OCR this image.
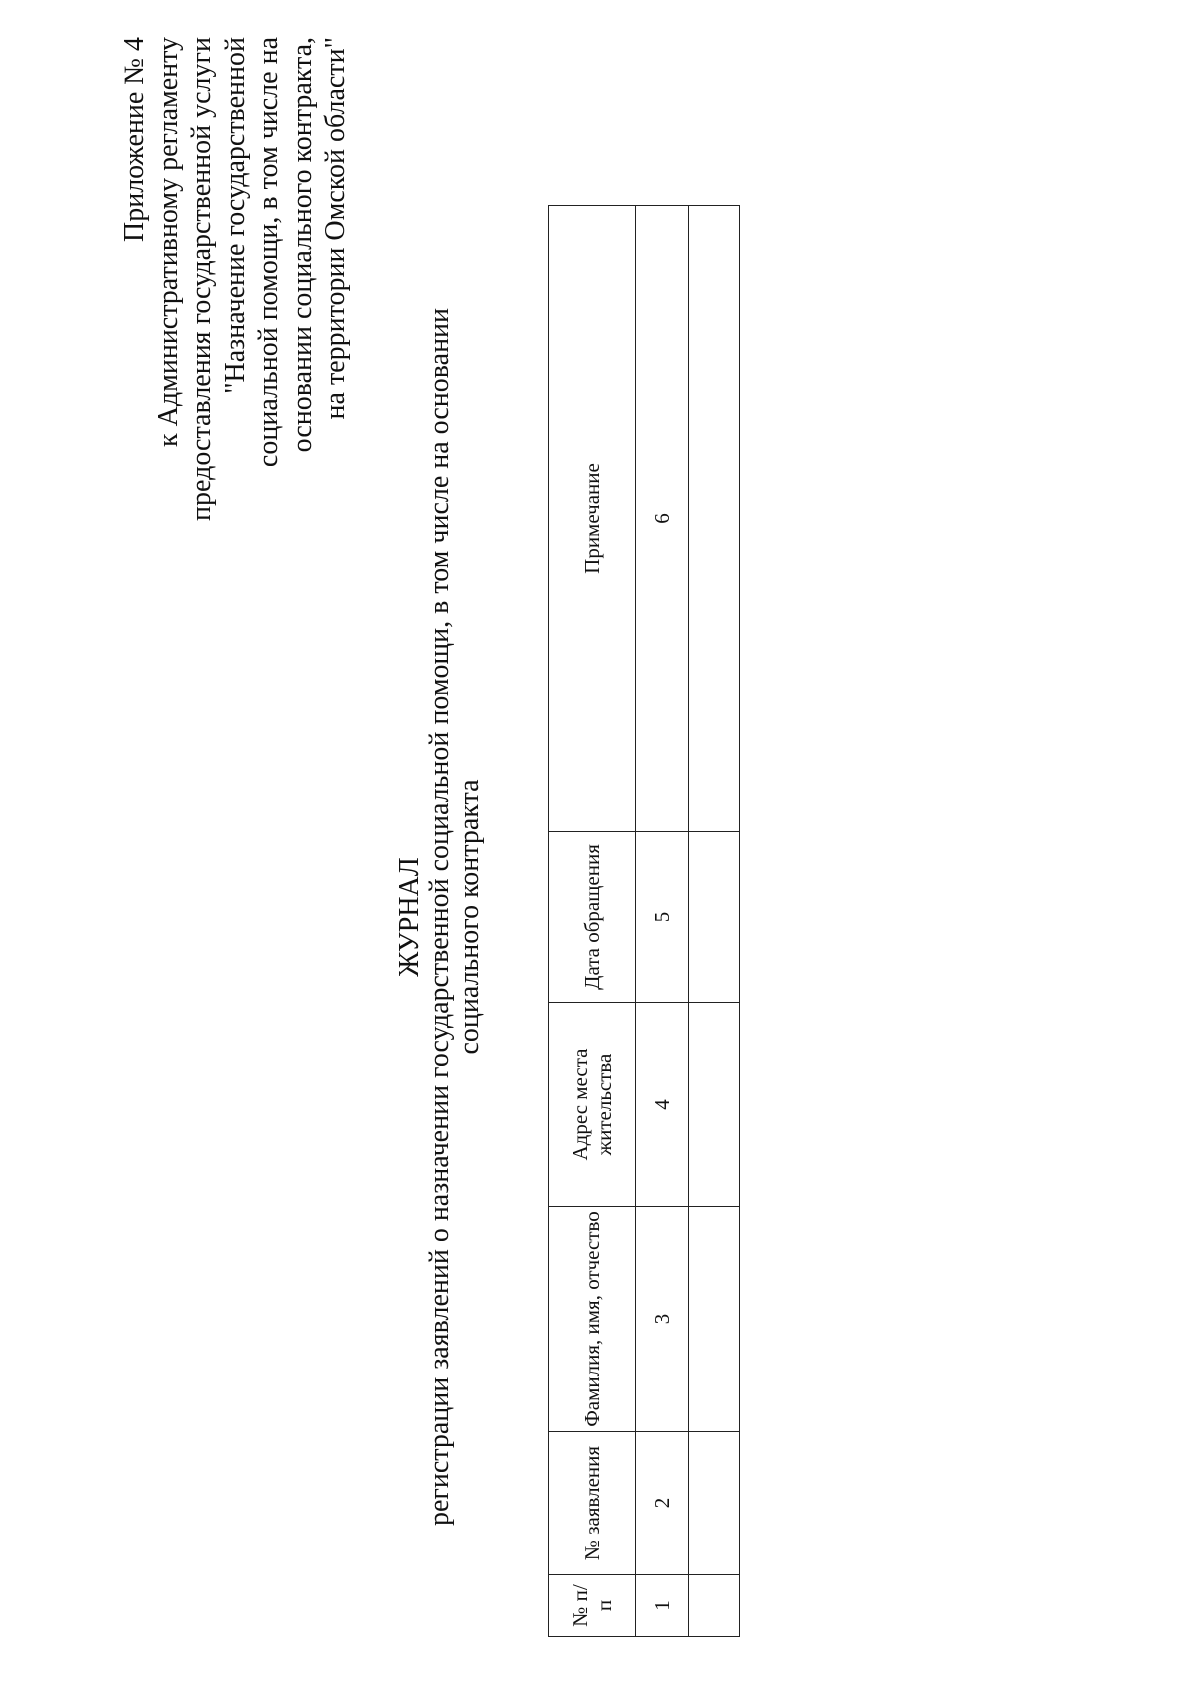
Приложение № 4 к Административному регламенту предоставления государственной услуги "Назначение государственной социальной помощи, в том числе на основании социального контракта, на территории Омской области"
ЖУРНАЛ регистрации заявлений о назначении государственной социальной помощи, в том числе на основании социального контракта
№ п/п	№ заявления	Фамилия, имя, отчество	Адрес места жительства	Дата обращения	Примечание
1	2	3	4	5	6
